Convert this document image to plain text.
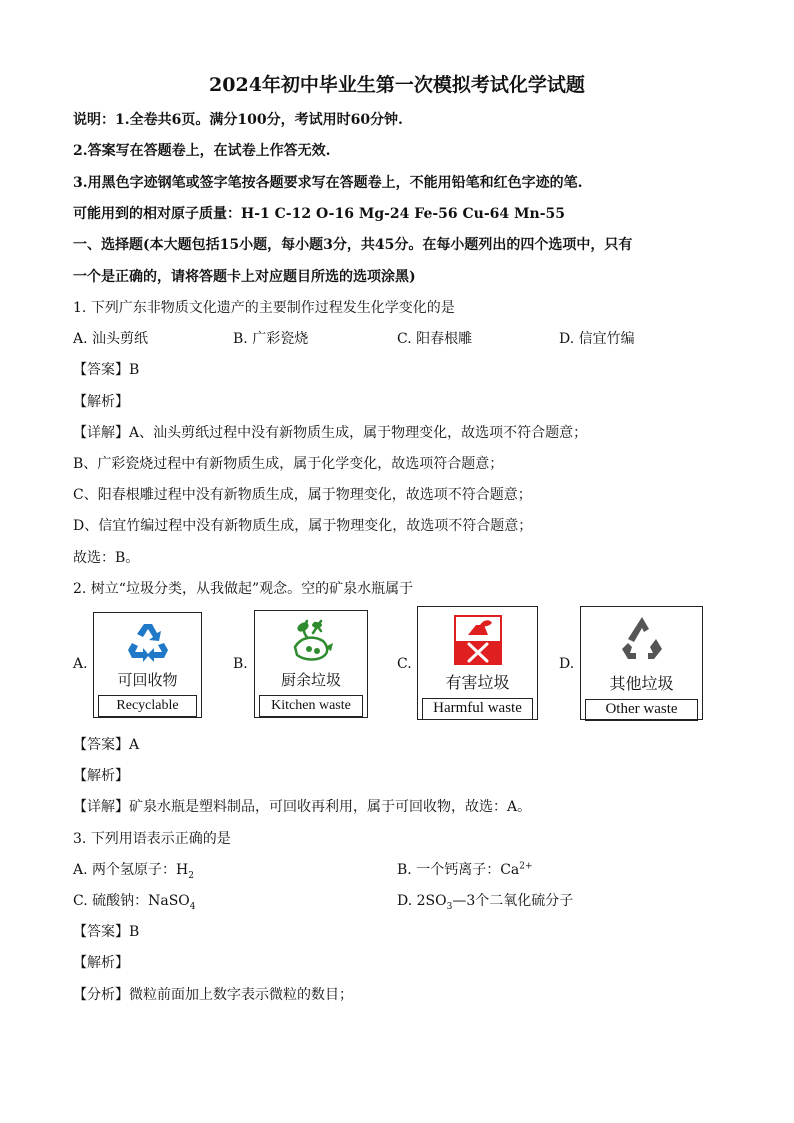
2024年初中毕业生第一次模拟考试化学试题
说明：1.全卷共6页。满分100分，考试用时60分钟.
2.答案写在答题卷上，在试卷上作答无效.
3.用黑色字迹钢笔或签字笔按各题要求写在答题卷上，不能用铅笔和红色字迹的笔.
可能用到的相对原子质量：H-1 C-12 O-16 Mg-24 Fe-56 Cu-64 Mn-55
一、选择题(本大题包括15小题，每小题3分，共45分。在每小题列出的四个选项中，只有
一个是正确的，请将答题卡上对应题目所选的选项涂黑)
1. 下列广东非物质文化遗产的主要制作过程发生化学变化的是
A. 汕头剪纸	B. 广彩瓷烧	C. 阳春根雕	D. 信宜竹编
【答案】B
【解析】
【详解】A、汕头剪纸过程中没有新物质生成，属于物理变化，故选项不符合题意；
B、广彩瓷烧过程中有新物质生成，属于化学变化，故选项符合题意；
C、阳春根雕过程中没有新物质生成，属于物理变化，故选项不符合题意；
D、信宜竹编过程中没有新物质生成，属于物理变化，故选项不符合题意；
故选：B。
2. 树立“垃圾分类，从我做起”观念。空的矿泉水瓶属于
A.
可回收物
Recyclable
B.
厨余垃圾
Kitchen waste
C.
有害垃圾
Harmful waste
D.
其他垃圾
Other waste
【答案】A
【解析】
【详解】矿泉水瓶是塑料制品，可回收再利用，属于可回收物，故选：A。
3. 下列用语表示正确的是
A. 两个氢原子：$H_2$	B. 一个钙离子：$Ca^{2+}$
C. 硫酸钠：NaSO$_4$	D. $2SO_3—3$个二氧化硫分子
【答案】B
【解析】
【分析】微粒前面加上数字表示微粒的数目；
